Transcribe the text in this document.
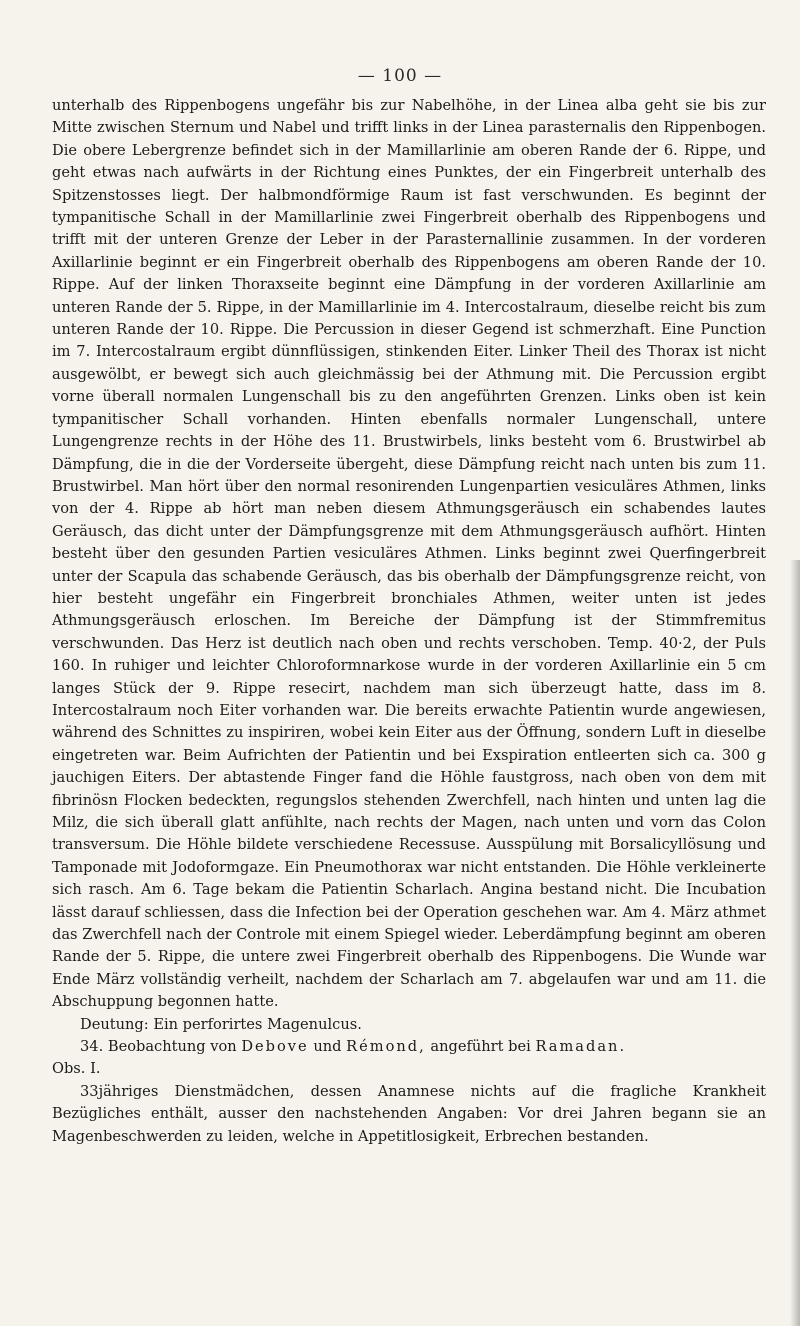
— 100 —

unterhalb des Rippenbogens ungefähr bis zur Nabelhöhe, in der Linea alba geht sie bis zur Mitte zwischen Sternum und Nabel und trifft links in der Linea parasternalis den Rippenbogen. Die obere Lebergrenze befindet sich in der Mamillarlinie am oberen Rande der 6. Rippe, und geht etwas nach aufwärts in der Richtung eines Punktes, der ein Fingerbreit unterhalb des Spitzenstosses liegt. Der halbmondförmige Raum ist fast verschwunden. Es beginnt der tympanitische Schall in der Mamillarlinie zwei Fingerbreit oberhalb des Rippenbogens und trifft mit der unteren Grenze der Leber in der Parasternallinie zusammen. In der vorderen Axillarlinie beginnt er ein Fingerbreit oberhalb des Rippenbogens am oberen Rande der 10. Rippe. Auf der linken Thoraxseite beginnt eine Dämpfung in der vorderen Axillarlinie am unteren Rande der 5. Rippe, in der Mamillarlinie im 4. Intercostalraum, dieselbe reicht bis zum unteren Rande der 10. Rippe. Die Percussion in dieser Gegend ist schmerzhaft. Eine Punction im 7. Intercostalraum ergibt dünnflüssigen, stinkenden Eiter. Linker Theil des Thorax ist nicht ausgewölbt, er bewegt sich auch gleichmässig bei der Athmung mit. Die Percussion ergibt vorne überall normalen Lungenschall bis zu den angeführten Grenzen. Links oben ist kein tympanitischer Schall vorhanden. Hinten ebenfalls normaler Lungenschall, untere Lungengrenze rechts in der Höhe des 11. Brustwirbels, links besteht vom 6. Brustwirbel ab Dämpfung, die in die der Vorderseite übergeht, diese Dämpfung reicht nach unten bis zum 11. Brustwirbel. Man hört über den normal resonirenden Lungenpartien vesiculäres Athmen, links von der 4. Rippe ab hört man neben diesem Athmungsgeräusch ein schabendes lautes Geräusch, das dicht unter der Dämpfungsgrenze mit dem Athmungsgeräusch aufhört. Hinten besteht über den gesunden Partien vesiculäres Athmen. Links beginnt zwei Querfingerbreit unter der Scapula das schabende Geräusch, das bis oberhalb der Dämpfungsgrenze reicht, von hier besteht ungefähr ein Fingerbreit bronchiales Athmen, weiter unten ist jedes Athmungsgeräusch erloschen. Im Bereiche der Dämpfung ist der Stimmfremitus verschwunden. Das Herz ist deutlich nach oben und rechts verschoben. Temp. 40·2, der Puls 160. In ruhiger und leichter Chloroformnarkose wurde in der vorderen Axillarlinie ein 5 cm langes Stück der 9. Rippe resecirt, nachdem man sich überzeugt hatte, dass im 8. Intercostalraum noch Eiter vorhanden war. Die bereits erwachte Patientin wurde angewiesen, während des Schnittes zu inspiriren, wobei kein Eiter aus der Öffnung, sondern Luft in dieselbe eingetreten war. Beim Aufrichten der Patientin und bei Exspiration entleerten sich ca. 300 g jauchigen Eiters. Der abtastende Finger fand die Höhle faustgross, nach oben von dem mit fibrinösn Flocken bedeckten, regungslos stehenden Zwerchfell, nach hinten und unten lag die Milz, die sich überall glatt anfühlte, nach rechts der Magen, nach unten und vorn das Colon transversum. Die Höhle bildete verschiedene Recessuse. Ausspülung mit Borsalicyllösung und Tamponade mit Jodoformgaze. Ein Pneumothorax war nicht entstanden. Die Höhle verkleinerte sich rasch. Am 6. Tage bekam die Patientin Scharlach. Angina bestand nicht. Die Incubation lässt darauf schliessen, dass die Infection bei der Operation geschehen war. Am 4. März athmet das Zwerchfell nach der Controle mit einem Spiegel wieder. Leberdämpfung beginnt am oberen Rande der 5. Rippe, die untere zwei Fingerbreit oberhalb des Rippenbogens. Die Wunde war Ende März vollständig verheilt, nachdem der Scharlach am 7. abgelaufen war und am 11. die Abschuppung begonnen hatte.

Deutung: Ein perforirtes Magenulcus.

34. Beobachtung von Debove und Rémond, angeführt bei Ramadan.

Obs. I.

33jähriges Dienstmädchen, dessen Anamnese nichts auf die fragliche Krankheit Bezügliches enthält, ausser den nachstehenden Angaben: Vor drei Jahren begann sie an Magenbeschwerden zu leiden, welche in Appetitlosigkeit, Erbrechen bestanden.
